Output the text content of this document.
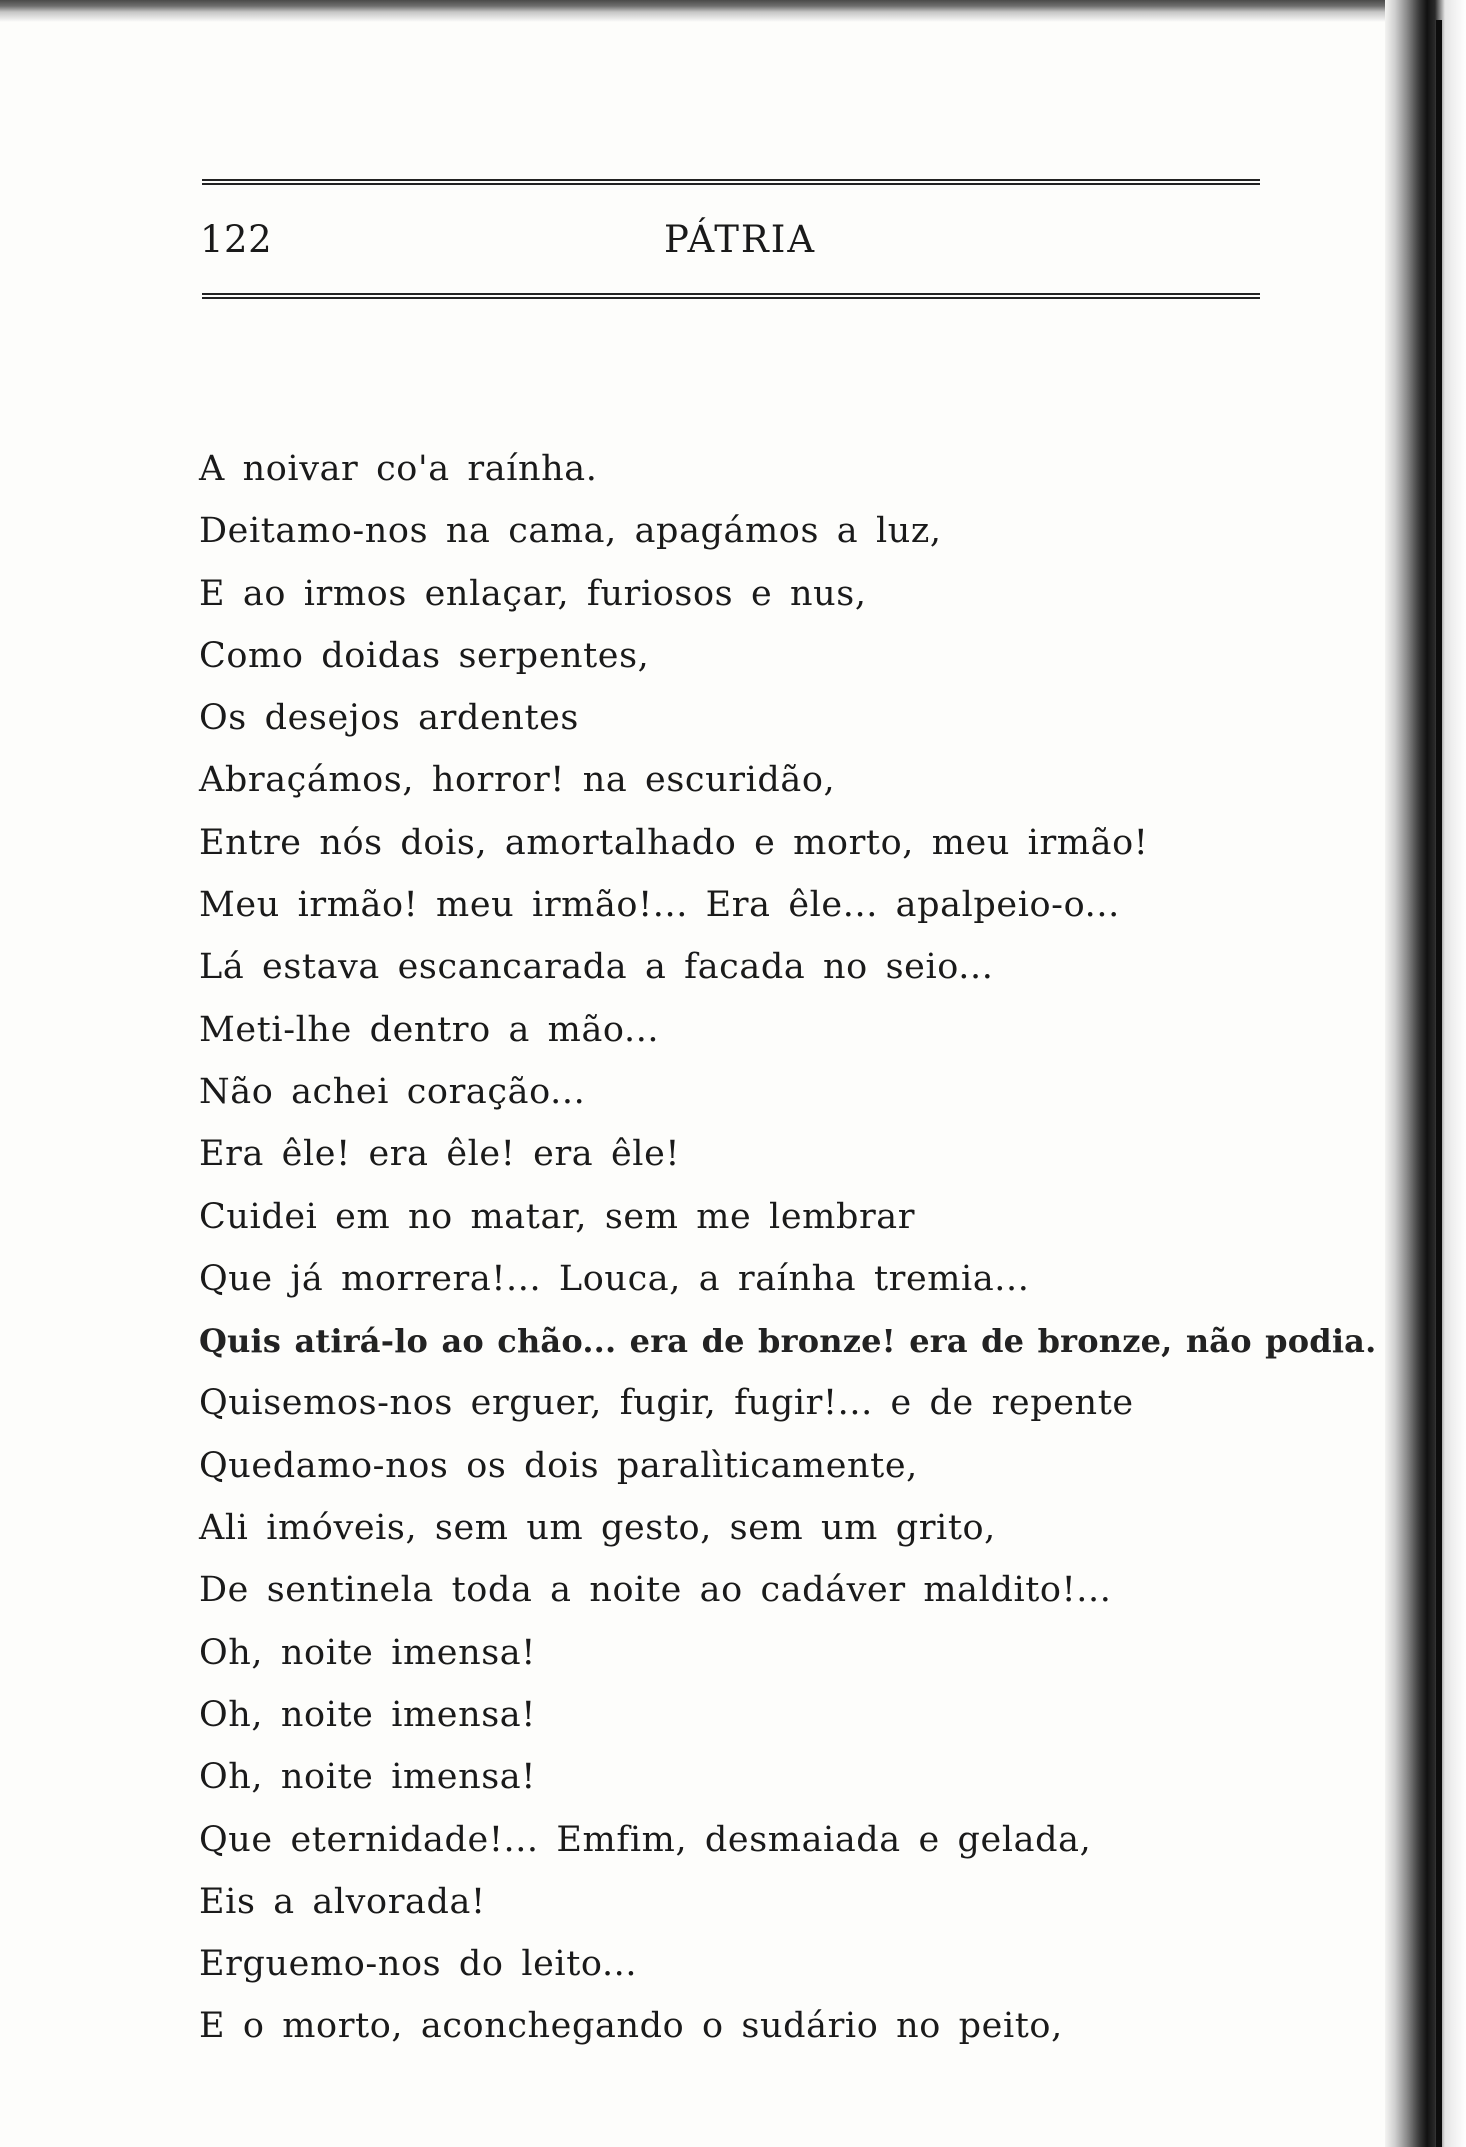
122	PÁTRIA
A noivar co'a raínha.
Deitamo-nos na cama, apagámos a luz,
E ao irmos enlaçar, furiosos e nus,
Como doidas serpentes,
Os desejos ardentes
Abraçámos, horror! na escuridão,
Entre nós dois, amortalhado e morto, meu irmão!
Meu irmão! meu irmão!... Era êle... apalpeio-o...
Lá estava escancarada a facada no seio...
Meti-lhe dentro a mão...
Não achei coração...
Era êle! era êle! era êle!
Cuidei em no matar, sem me lembrar
Que já morrera!... Louca, a raínha tremia...
Quis atirá-lo ao chão... era de bronze! era de bronze, não podia.
Quisemos-nos erguer, fugir, fugir!... e de repente
Quedamo-nos os dois paralìticamente,
Ali imóveis, sem um gesto, sem um grito,
De sentinela toda a noite ao cadáver maldito!...
Oh, noite imensa!
Oh, noite imensa!
Oh, noite imensa!
Que eternidade!... Emfim, desmaiada e gelada,
Eis a alvorada!
Erguemo-nos do leito...
E o morto, aconchegando o sudário no peito,
